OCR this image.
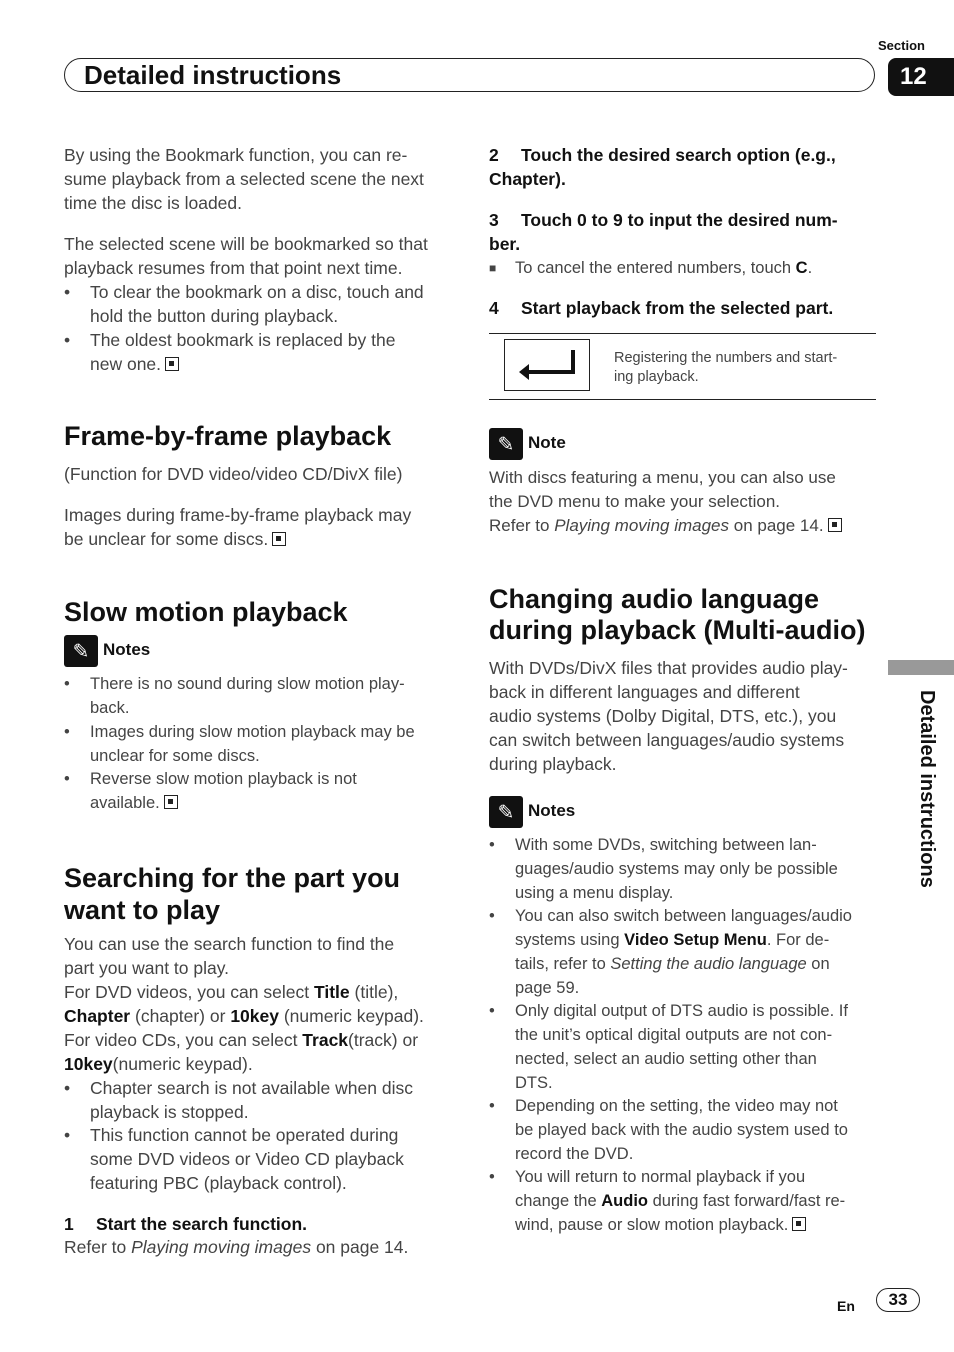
Section
12
Detailed instructions

By using the Bookmark function, you can re-
sume playback from a selected scene the next
time the disc is loaded.

The selected scene will be bookmarked so that
playback resumes from that point next time.

• To clear the bookmark on a disc, touch and
hold the button during playback.
• The oldest bookmark is replaced by the
new one.
Frame-by-frame playback
(Function for DVD video/video CD/DivX file)

Images during frame-by-frame playback may
be unclear for some discs.

Slow motion playback
✎ Notes
• There is no sound during slow motion play-
back.
• Images during slow motion playback may be
unclear for some discs.
• Reverse slow motion playback is not
available.
Searching for the part you
want to play

You can use the search function to find the
part you want to play.
For DVD videos, you can select Title (title),
Chapter (chapter) or 10key (numeric keypad).
For video CDs, you can select Track(track) or
10key(numeric keypad).

• Chapter search is not available when disc
playback is stopped.
• This function cannot be operated during
some DVD videos or Video CD playback
featuring PBC (playback control).
1 Start the search function.
Refer to Playing moving images on page 14.
2 Touch the desired search option (e.g.,
Chapter).
3 Touch 0 to 9 to input the desired num-
ber.
■ To cancel the entered numbers, touch C.
4 Start playback from the selected part.
Registering the numbers and start-
ing playback.
✎ Note

With discs featuring a menu, you can also use
the DVD menu to make your selection.
Refer to Playing moving images on page 14.

Changing audio language
during playback (Multi-audio)

With DVDs/DivX files that provides audio play-
back in different languages and different
audio systems (Dolby Digital, DTS, etc.), you
can switch between languages/audio systems
during playback.

✎ Notes
• With some DVDs, switching between lan-
guages/audio systems may only be possible
using a menu display.
• You can also switch between languages/audio
systems using Video Setup Menu. For de-
tails, refer to Setting the audio language on
page 59.
• Only digital output of DTS audio is possible. If
the unit’s optical digital outputs are not con-
nected, select an audio setting other than
DTS.
• Depending on the setting, the video may not
be played back with the audio system used to
record the DVD.
• You will return to normal playback if you
change the Audio during fast forward/fast re-
wind, pause or slow motion playback.
Detailed instructions
En	33
